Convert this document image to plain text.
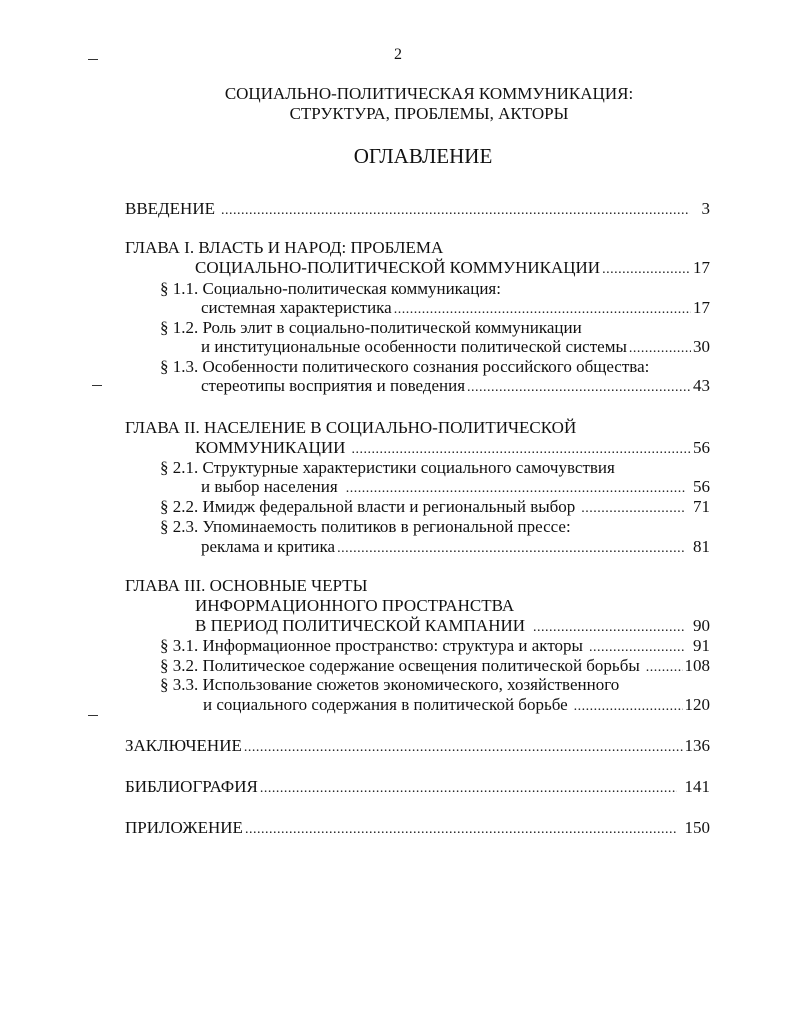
2
СОЦИАЛЬНО-ПОЛИТИЧЕСКАЯ КОММУНИКАЦИЯ:
СТРУКТУРА, ПРОБЛЕМЫ, АКТОРЫ
ОГЛАВЛЕНИЕ
ВВЕДЕНИЕ .....	3
ГЛАВА I. ВЛАСТЬ И НАРОД: ПРОБЛЕМА
СОЦИАЛЬНО-ПОЛИТИЧЕСКОЙ КОММУНИКАЦИИ .....	17
§ 1.1. Социально-политическая коммуникация:
системная характеристика .....	17
§ 1.2. Роль элит в социально-политической коммуникации
и институциональные особенности политической системы .....	30
§ 1.3. Особенности политического сознания российского общества:
стереотипы восприятия и поведения .....	43
ГЛАВА II. НАСЕЛЕНИЕ В СОЦИАЛЬНО-ПОЛИТИЧЕСКОЙ
КОММУНИКАЦИИ .....	56
§ 2.1. Структурные характеристики социального самочувствия
и выбор населения .....	56
§ 2.2. Имидж федеральной власти и региональный выбор .....	71
§ 2.3. Упоминаемость политиков в региональной прессе:
реклама и критика .....	81
ГЛАВА III. ОСНОВНЫЕ ЧЕРТЫ
ИНФОРМАЦИОННОГО ПРОСТРАНСТВА
В ПЕРИОД ПОЛИТИЧЕСКОЙ КАМПАНИИ .....	90
§ 3.1. Информационное пространство: структура и акторы .....	91
§ 3.2. Политическое содержание освещения политической борьбы .....	108
§ 3.3. Использование сюжетов экономического, хозяйственного
и социального содержания в политической борьбе .....	120
ЗАКЛЮЧЕНИЕ .....	136
БИБЛИОГРАФИЯ .....	141
ПРИЛОЖЕНИЕ .....	150
